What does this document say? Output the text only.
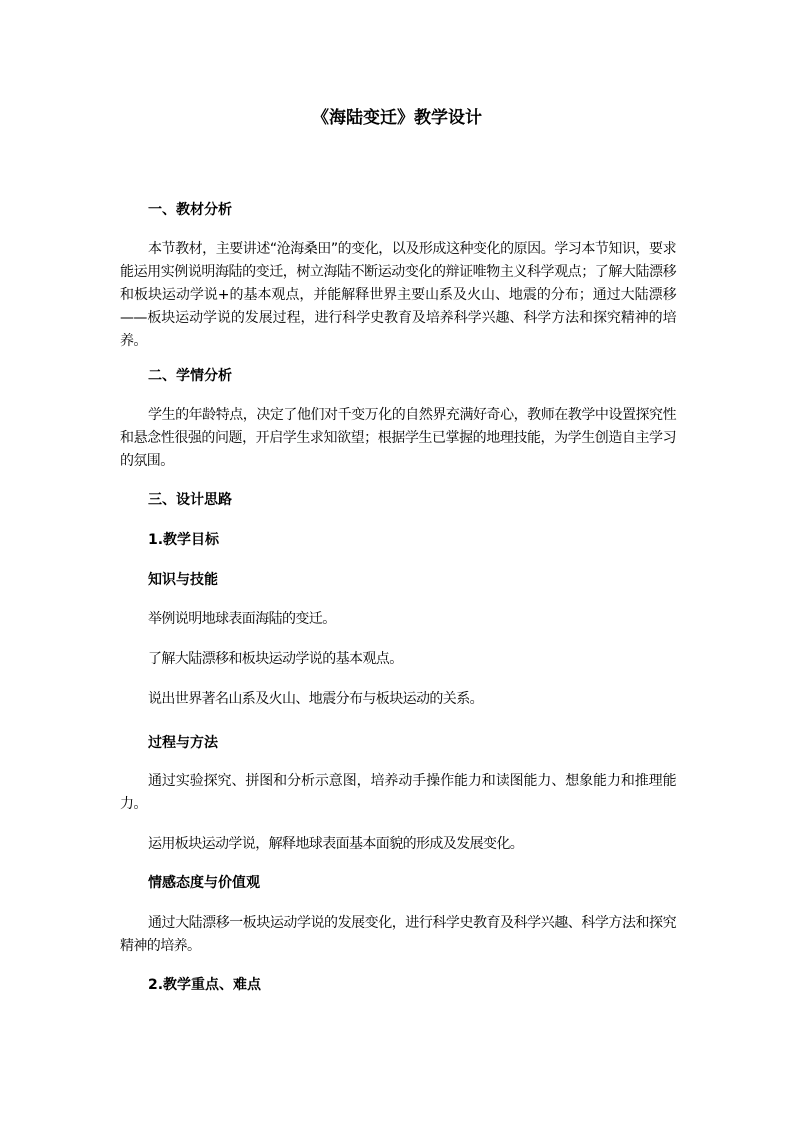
《海陆变迁》教学设计
一、教材分析

本节教材，主要讲述“沧海桑田”的变化，以及形成这种变化的原因。学习本节知识，要求能运用实例说明海陆的变迁，树立海陆不断运动变化的辩证唯物主义科学观点；了解大陆漂移和板块运动学说+的基本观点，并能解释世界主要山系及火山、地震的分布；通过大陆漂移——板块运动学说的发展过程，进行科学史教育及培养科学兴趣、科学方法和探究精神的培养。

二、学情分析

学生的年龄特点，决定了他们对千变万化的自然界充满好奇心，教师在教学中设置探究性和悬念性很强的问题，开启学生求知欲望；根据学生已掌握的地理技能，为学生创造自主学习的氛围。

三、设计思路
1.教学目标
知识与技能

举例说明地球表面海陆的变迁。

了解大陆漂移和板块运动学说的基本观点。

说出世界著名山系及火山、地震分布与板块运动的关系。

过程与方法

通过实验探究、拼图和分析示意图，培养动手操作能力和读图能力、想象能力和推理能力。

运用板块运动学说，解释地球表面基本面貌的形成及发展变化。

情感态度与价值观

通过大陆漂移一板块运动学说的发展变化，进行科学史教育及科学兴趣、科学方法和探究精神的培养。

2.教学重点、难点
